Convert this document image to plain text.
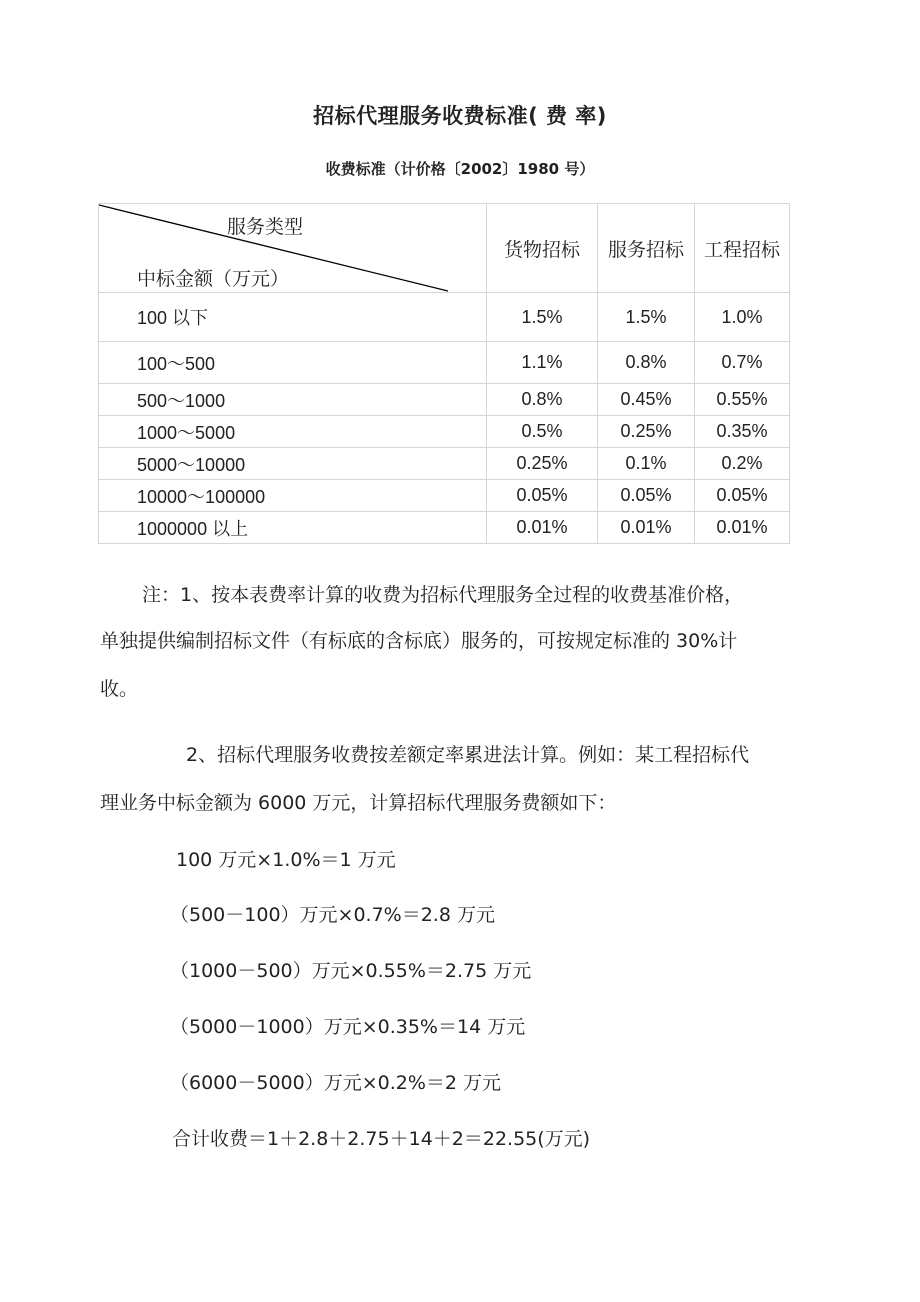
招标代理服务收费标准( 费 率)
收费标准（计价格〔2002〕1980 号）
服务类型
中标金额（万元）	货物招标	服务招标	工程招标
100 以下	1.5%	1.5%	1.0%
100～500	1.1%	0.8%	0.7%
500～1000	0.8%	0.45%	0.55%
1000～5000	0.5%	0.25%	0.35%
5000～10000	0.25%	0.1%	0.2%
10000～100000	0.05%	0.05%	0.05%
1000000 以上	0.01%	0.01%	0.01%
注：1、按本表费率计算的收费为招标代理服务全过程的收费基准价格，
单独提供编制招标文件（有标底的含标底）服务的，可按规定标准的 30%计
收。
2、招标代理服务收费按差额定率累进法计算。例如：某工程招标代
理业务中标金额为 6000 万元，计算招标代理服务费额如下：
100 万元×1.0%＝1 万元
（500－100）万元×0.7%＝2.8 万元
（1000－500）万元×0.55%＝2.75 万元
（5000－1000）万元×0.35%＝14 万元
（6000－5000）万元×0.2%＝2 万元
合计收费＝1＋2.8＋2.75＋14＋2＝22.55(万元)
